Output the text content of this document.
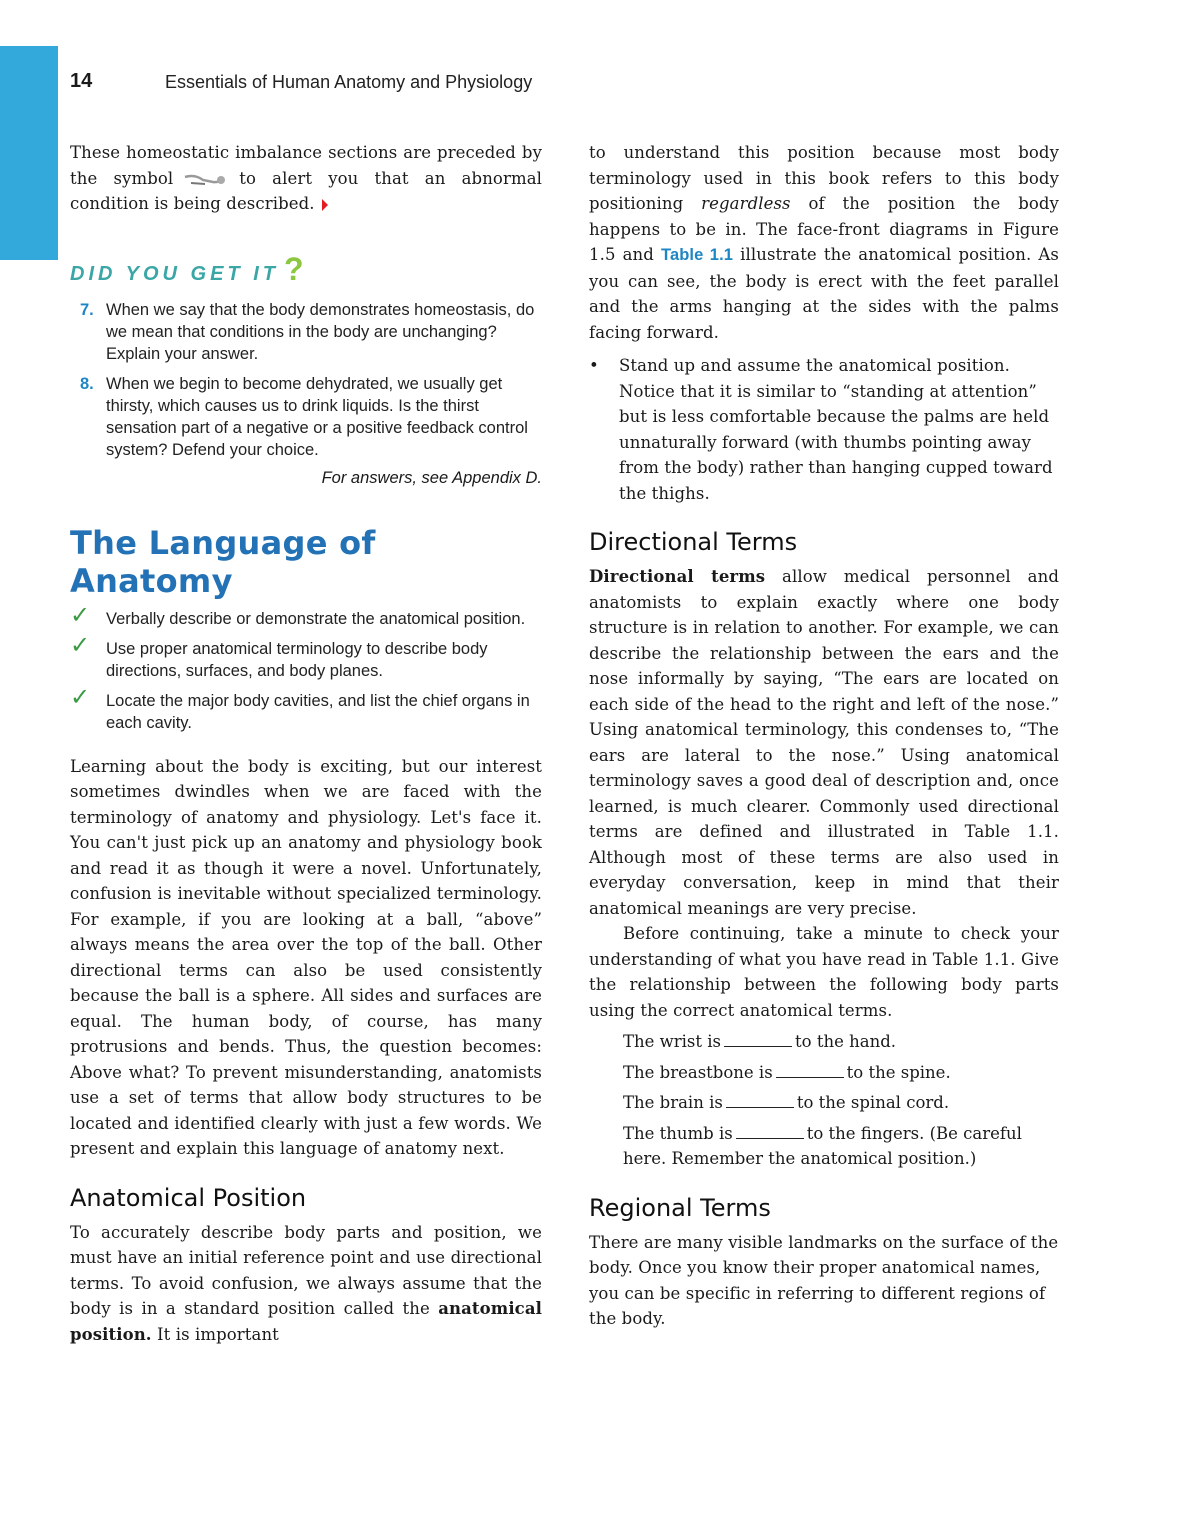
14	Essentials of Human Anatomy and Physiology

These homeostatic imbalance sections are preceded by the symbol	to alert you that an abnormal condition is being described.

DID YOU GET IT ?
7. When we say that the body demonstrates homeostasis, do we mean that conditions in the body are unchanging? Explain your answer.
8. When we begin to become dehydrated, we usually get thirsty, which causes us to drink liquids. Is the thirst sensation part of a negative or a positive feedback control system? Defend your choice.
For answers, see Appendix D.
The Language of Anatomy
✓ Verbally describe or demonstrate the anatomical position.
✓ Use proper anatomical terminology to describe body directions, surfaces, and body planes.
✓ Locate the major body cavities, and list the chief organs in each cavity.

Learning about the body is exciting, but our interest sometimes dwindles when we are faced with the terminology of anatomy and physiology. Let's face it. You can't just pick up an anatomy and physiology book and read it as though it were a novel. Unfortunately, confusion is inevitable without specialized terminology. For example, if you are looking at a ball, “above” always means the area over the top of the ball. Other directional terms can also be used consistently because the ball is a sphere. All sides and surfaces are equal. The human body, of course, has many protrusions and bends. Thus, the question becomes: Above what? To prevent misunderstanding, anatomists use a set of terms that allow body structures to be located and identified clearly with just a few words. We present and explain this language of anatomy next.

Anatomical Position

To accurately describe body parts and position, we must have an initial reference point and use directional terms. To avoid confusion, we always assume that the body is in a standard position called the anatomical position. It is important

to understand this position because most body terminology used in this book refers to this body positioning regardless of the position the body happens to be in. The face-front diagrams in Figure 1.5 and Table 1.1 illustrate the anatomical position. As you can see, the body is erect with the feet parallel and the arms hanging at the sides with the palms facing forward.

• Stand up and assume the anatomical position. Notice that it is similar to “standing at attention” but is less comfortable because the palms are held unnaturally forward (with thumbs pointing away from the body) rather than hanging cupped toward the thighs.

Directional Terms

Directional terms allow medical personnel and anatomists to explain exactly where one body structure is in relation to another. For example, we can describe the relationship between the ears and the nose informally by saying, “The ears are located on each side of the head to the right and left of the nose.” Using anatomical terminology, this condenses to, “The ears are lateral to the nose.” Using anatomical terminology saves a good deal of description and, once learned, is much clearer. Commonly used directional terms are defined and illustrated in Table 1.1. Although most of these terms are also used in everyday conversation, keep in mind that their anatomical meanings are very precise.

Before continuing, take a minute to check your understanding of what you have read in Table 1.1. Give the relationship between the following body parts using the correct anatomical terms.

The wrist is	to the hand.
The breastbone is	to the spine.
The brain is	to the spinal cord.
The thumb is	to the fingers. (Be careful here. Remember the anatomical position.)
Regional Terms

There are many visible landmarks on the surface of the body. Once you know their proper anatomical names, you can be specific in referring to different regions of the body.
